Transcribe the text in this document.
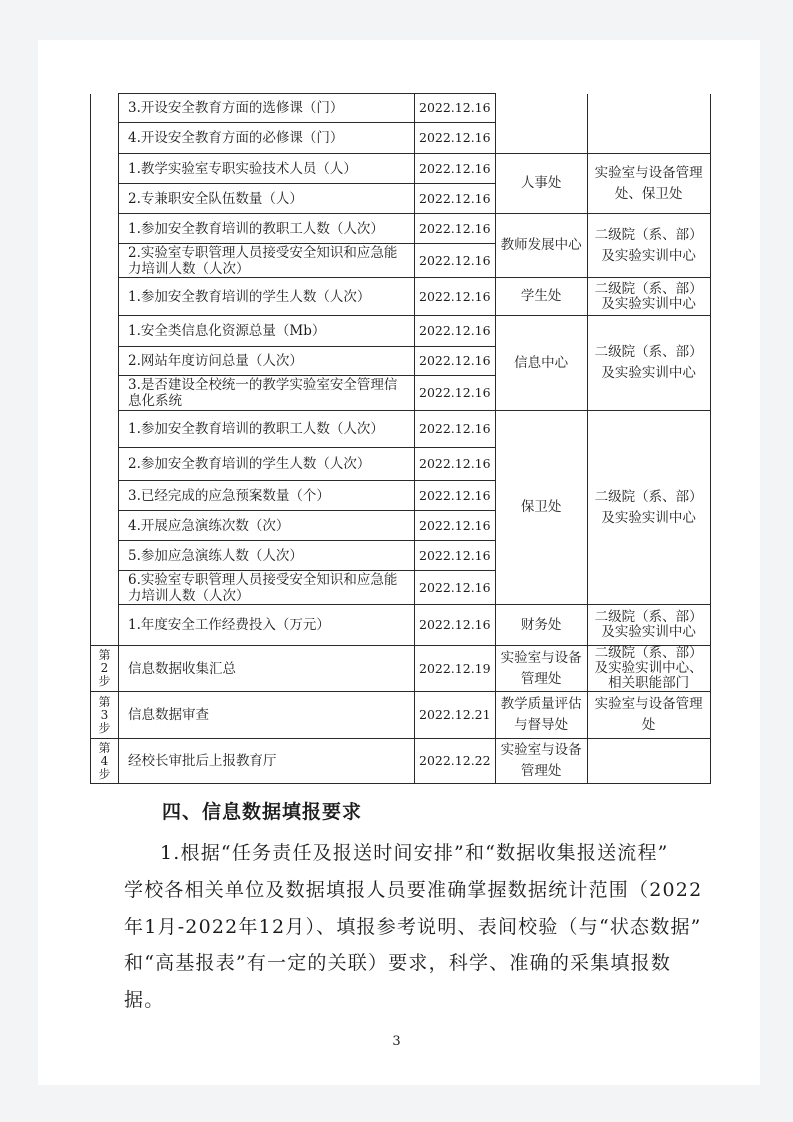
	3.开设安全教育方面的选修课（门）	2022.12.16		
	4.开设安全教育方面的必修课（门）	2022.12.16		
	1.教学实验室专职实验技术人员（人）	2022.12.16	人事处	实验室与设备管理处、保卫处
	2.专兼职安全队伍数量（人）	2022.12.16		
	1.参加安全教育培训的教职工人数（人次）	2022.12.16	教师发展中心	二级院（系、部）及实验实训中心
	2.实验室专职管理人员接受安全知识和应急能力培训人数（人次）	2022.12.16		
	1.参加安全教育培训的学生人数（人次）	2022.12.16	学生处	二级院（系、部）及实验实训中心
	1.安全类信息化资源总量（Mb）	2022.12.16	信息中心	二级院（系、部）及实验实训中心
	2.网站年度访问总量（人次）	2022.12.16		
	3.是否建设全校统一的教学实验室安全管理信息化系统	2022.12.16		
	1.参加安全教育培训的教职工人数（人次）	2022.12.16	保卫处	二级院（系、部）及实验实训中心
	2.参加安全教育培训的学生人数（人次）	2022.12.16		
	3.已经完成的应急预案数量（个）	2022.12.16		
	4.开展应急演练次数（次）	2022.12.16		
	5.参加应急演练人数（人次）	2022.12.16		
	6.实验室专职管理人员接受安全知识和应急能力培训人数（人次）	2022.12.16		
	1.年度安全工作经费投入（万元）	2022.12.16	财务处	二级院（系、部）及实验实训中心
第2步	信息数据收集汇总	2022.12.19	实验室与设备管理处	二级院（系、部）及实验实训中心、相关职能部门
第3步	信息数据审查	2022.12.21	教学质量评估与督导处	实验室与设备管理处
第4步	经校长审批后上报教育厅	2022.12.22	实验室与设备管理处	
四、信息数据填报要求
1.根据“任务责任及报送时间安排”和“数据收集报送流程”
学校各相关单位及数据填报人员要准确掌握数据统计范围（2022
年1月-2022年12月）、填报参考说明、表间校验（与“状态数据”
和“高基报表”有一定的关联）要求，科学、准确的采集填报数
据。
3
